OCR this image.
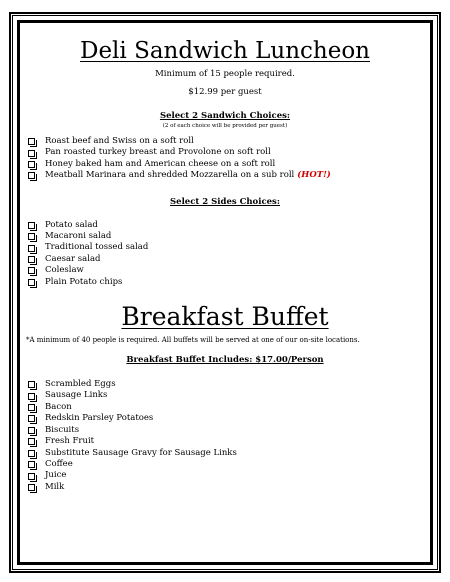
Deli Sandwich Luncheon
Minimum of 15 people required.
$12.99 per guest
Select 2 Sandwich Choices:
(2 of each choice will be provided per guest)
Roast beef and Swiss on a soft roll
Pan roasted turkey breast and Provolone on soft roll
Honey baked ham and American cheese on a soft roll
Meatball Marinara and shredded Mozzarella on a sub roll (HOT!)
Select 2 Sides Choices:
Potato salad
Macaroni salad
Traditional tossed salad
Caesar salad
Coleslaw
Plain Potato chips
Breakfast Buffet
*A minimum of 40 people is required. All buffets will be served at one of our on-site locations.
Breakfast Buffet Includes: $17.00/Person
Scrambled Eggs
Sausage Links
Bacon
Redskin Parsley Potatoes
Biscuits
Fresh Fruit
Substitute Sausage Gravy for Sausage Links
Coffee
Juice
Milk
